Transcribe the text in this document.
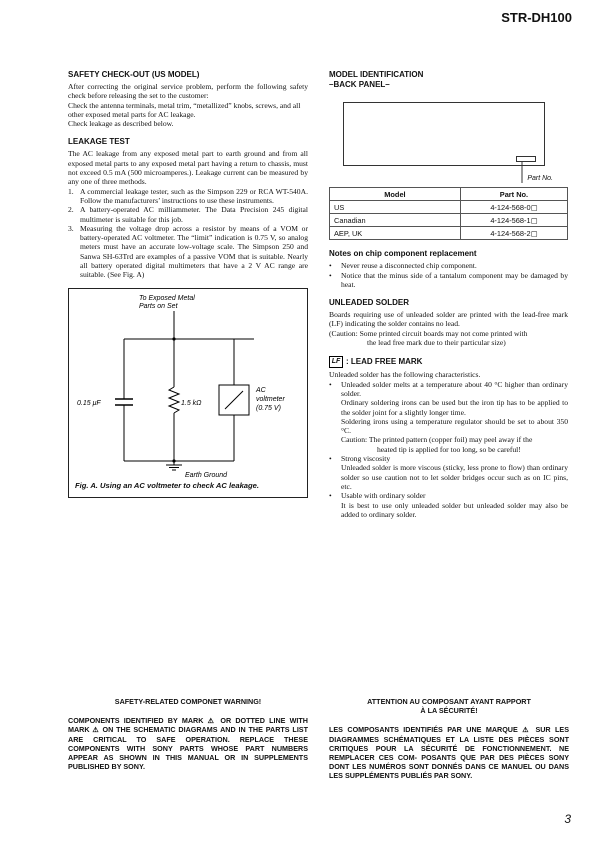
STR-DH100
SAFETY CHECK-OUT (US MODEL)

After correcting the original service problem, perform the following safety check before releasing the set to the customer:

Check the antenna terminals, metal trim, “metallized” knobs, screws, and all other exposed metal parts for AC leakage.

Check leakage as described below.

LEAKAGE TEST

The AC leakage from any exposed metal part to earth ground and from all exposed metal parts to any exposed metal part having a return to chassis, must not exceed 0.5 mA (500 microamperes.). Leakage current can be measured by any one of three methods.

1. A commercial leakage tester, such as the Simpson 229 or RCA WT-540A. Follow the manufacturers’ instructions to use these instruments.
2. A battery-operated AC milliammeter. The Data Precision 245 digital multimeter is suitable for this job.
3. Measuring the voltage drop across a resistor by means of a VOM or battery-operated AC voltmeter. The “limit” indication is 0.75 V, so analog meters must have an accurate low-voltage scale. The Simpson 250 and Sanwa SH-63Trd are examples of a passive VOM that is suitable. Nearly all battery operated digital multimeters that have a 2 V AC range are suitable. (See Fig. A)
To Exposed Metal
Parts on Set
0.15 μF	1.5 kΩ
AC
voltmeter
(0.75 V)
Earth Ground
Fig. A. Using an AC voltmeter to check AC leakage.
MODEL IDENTIFICATION
–BACK PANEL–
Part No.
Model	Part No.
US	4-124-568-0▢
Canadian	4-124-568-1▢
AEP, UK	4-124-568-2▢
Notes on chip component replacement
• Never reuse a disconnected chip component.
• Notice that the minus side of a tantalum component may be damaged by heat.
UNLEADED SOLDER

Boards requiring use of unleaded solder are printed with the lead-free mark (LF) indicating the solder contains no lead.

(Caution: Some printed circuit boards may not come printed with

the lead free mark due to their particular size)

LF : LEAD FREE MARK

Unleaded solder has the following characteristics.

• Unleaded solder melts at a temperature about 40 °C higher than ordinary solder.
Ordinary soldering irons can be used but the iron tip has to be applied to the solder joint for a slightly longer time.
Soldering irons using a temperature regulator should be set to about 350 °C.
Caution: The printed pattern (copper foil) may peel away if the
heated tip is applied for too long, so be careful!
• Strong viscosity
Unleaded solder is more viscous (sticky, less prone to flow) than ordinary solder so use caution not to let solder bridges occur such as on IC pins, etc.
• Usable with ordinary solder
It is best to use only unleaded solder but unleaded solder may also be added to ordinary solder.
SAFETY-RELATED COMPONET WARNING!

COMPONENTS IDENTIFIED BY MARK ⚠ OR DOTTED LINE WITH MARK ⚠ ON THE SCHEMATIC DIAGRAMS AND IN THE PARTS LIST ARE CRITICAL TO SAFE OPERATION. REPLACE THESE COMPONENTS WITH SONY PARTS WHOSE PART NUMBERS APPEAR AS SHOWN IN THIS MANUAL OR IN SUPPLEMENTS PUBLISHED BY SONY.

ATTENTION AU COMPOSANT AYANT RAPPORT
À LA SÉCURITÉ!

LES COMPOSANTS IDENTIFIÉS PAR UNE MARQUE ⚠ SUR LES DIAGRAMMES SCHÉMATIQUES ET LA LISTE DES PIÈCES SONT CRITIQUES POUR LA SÉCURITÉ DE FONCTIONNEMENT. NE REMPLACER CES COM- POSANTS QUE PAR DES PIÈCES SONY DONT LES NUMÉROS SONT DONNÉS DANS CE MANUEL OU DANS LES SUPPLÉMENTS PUBLIÉS PAR SONY.

3
